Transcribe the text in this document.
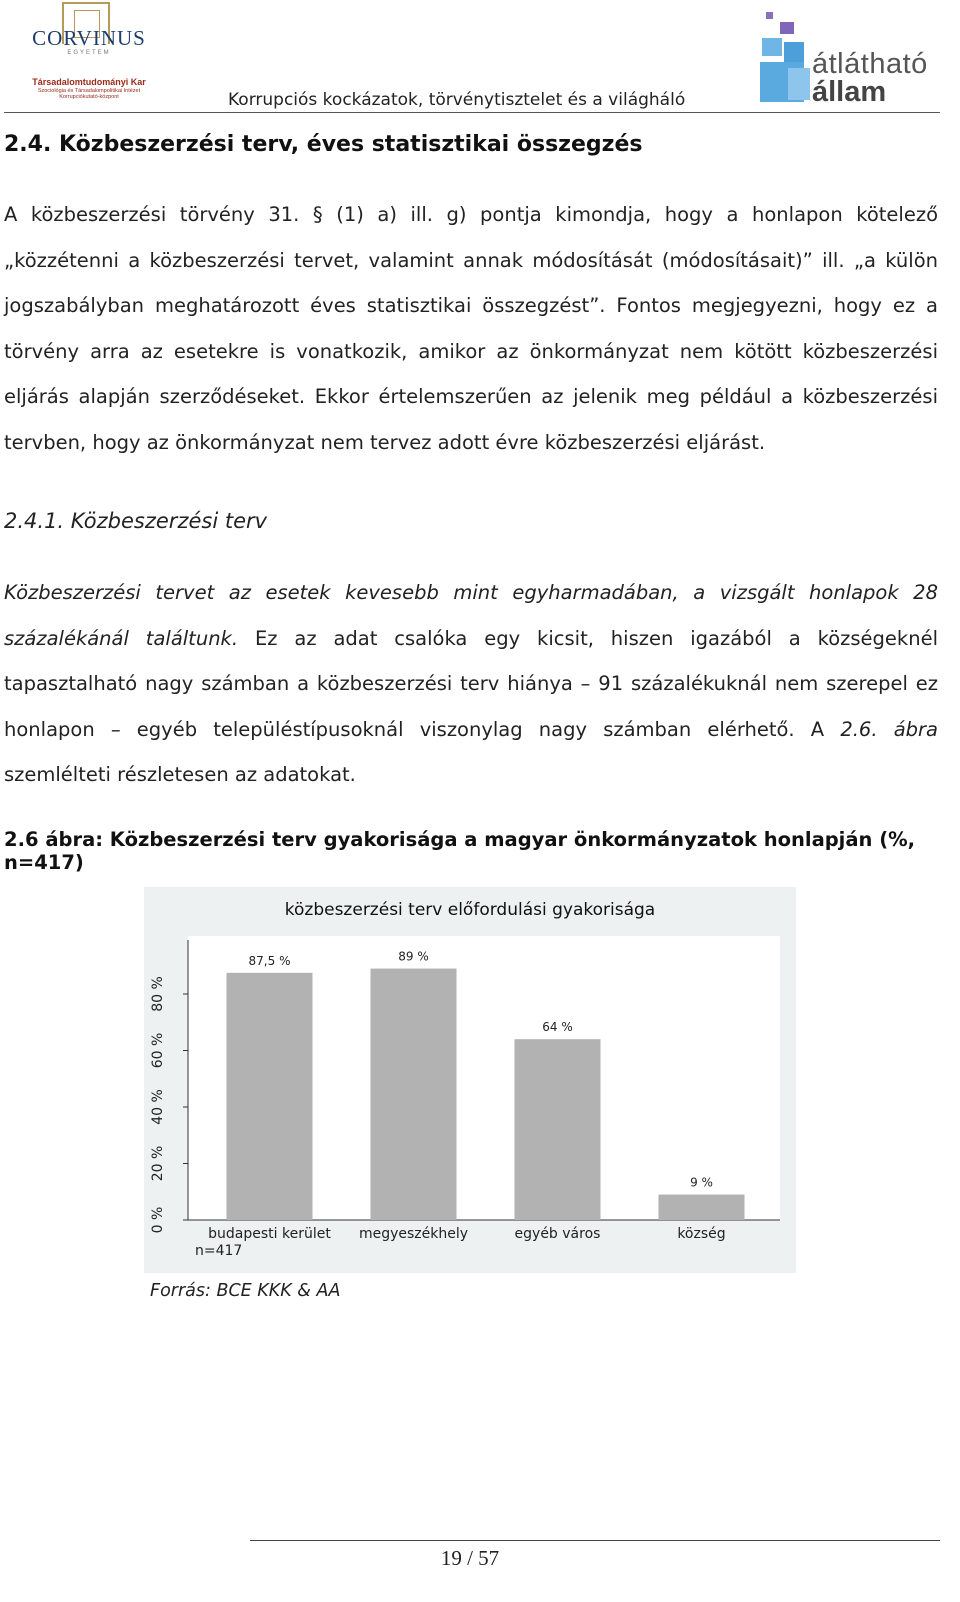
CORVINUS
EGYETEM
Társadalomtudományi Kar
Szociológia és Társadalompolitikai Intézet Korrupciókutató-központ	Korrupciós kockázatok, törvénytisztelet és a világháló
átlátható
állam
2.4. Közbeszerzési terv, éves statisztikai összegzés
A közbeszerzési törvény 31. § (1) a) ill. g) pontja kimondja, hogy a honlapon kötelező „közzétenni a közbeszerzési tervet, valamint annak módosítását (módosításait)” ill. „a külön jogszabályban meghatározott éves statisztikai összegzést”. Fontos megjegyezni, hogy ez a törvény arra az esetekre is vonatkozik, amikor az önkormányzat nem kötött közbeszerzési eljárás alapján szerződéseket. Ekkor értelemszerűen az jelenik meg például a közbeszerzési tervben, hogy az önkormányzat nem tervez adott évre közbeszerzési eljárást.
2.4.1. Közbeszerzési terv
Közbeszerzési tervet az esetek kevesebb mint egyharmadában, a vizsgált honlapok 28 százalékánál találtunk. Ez az adat csalóka egy kicsit, hiszen igazából a községeknél tapasztalható nagy számban a közbeszerzési terv hiánya – 91 százalékuknál nem szerepel ez honlapon – egyéb településtípusoknál viszonylag nagy számban elérhető. A 2.6. ábra szemlélteti részletesen az adatokat.
2.6 ábra: Közbeszerzési terv gyakorisága a magyar önkormányzatok honlapján (%, n=417)
közbeszerzési terv előfordulási gyakorisága
0 %
20 %
40 %
60 %
80 %
87,5 %
budapesti kerület
89 %
megyeszékhely
64 %
egyéb város
9 %
község
n=417
Forrás: BCE KKK & AA
19 / 57
